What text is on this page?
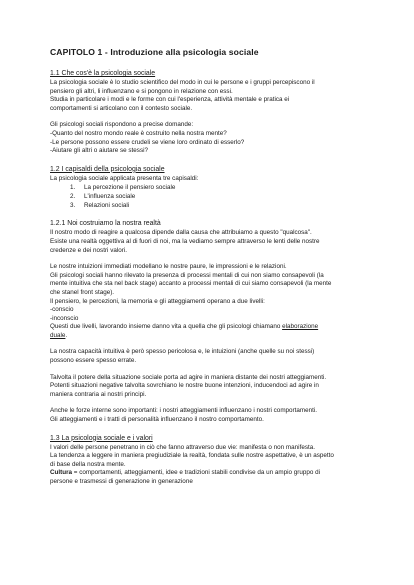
CAPITOLO 1 - Introduzione alla psicologia sociale

1.1 Che cos'è la psicologia sociale

La psicologia sociale è lo studio scientifico del modo in cui le persone e i gruppi percepiscono il

pensiero gli altri, li influenzano e si pongono in relazione con essi.

Studia in particolare i modi e le forme con cui l'esperienza, attività mentale e pratica ei

comportamenti si articolano con il contesto sociale.

Gli psicologi sociali rispondono a precise domande:

-Quanto del nostro mondo reale è costruito nella nostra mente?

-Le persone possono essere crudeli se viene loro ordinato di esserlo?

-Aiutare gli altri o aiutare se stessi?

1.2 I capisaldi della psicologia sociale

La psicologia sociale applicata presenta tre capisaldi:

1.	La percezione il pensiero sociale
2.	L'influenza sociale
3.	Relazioni sociali

1.2.1 Noi costruiamo la nostra realtà

Il nostro modo di reagire a qualcosa dipende dalla causa che attribuiamo a questo "qualcosa".

Esiste una realtà oggettiva al di fuori di noi, ma la vediamo sempre attraverso le lenti delle nostre

credenze e dei nostri valori.

Le nostre intuizioni immediati modellano le nostre paure, le impressioni e le relazioni.

Gli psicologi sociali hanno rilevato la presenza di processi mentali di cui non siamo consapevoli (la

mente intuitiva che sta nel back stage) accanto a processi mentali di cui siamo consapevoli (la mente

che stanel front stage).

Il pensiero, le percezioni, la memoria e gli atteggiamenti operano a due livelli:

-conscio

-inconscio

Questi due livelli, lavorando insieme danno vita a quella che gli psicologi chiamano elaborazione

duale.

La nostra capacità intuitiva è però spesso pericolosa e, le intuizioni (anche quelle su noi stessi)

possono essere spesso errate.

Talvolta il potere della situazione sociale porta ad agire in maniera distante dei nostri atteggiamenti.

Potenti situazioni negative talvolta sovrchiano le nostre buone intenzioni, inducendoci ad agire in

maniera contraria ai nostri principi.

Anche le forze interne sono importanti: i nostri atteggiamenti influenzano i nostri comportamenti.

Gli atteggiamenti e i tratti di personalità influenzano il nostro comportamento.

1.3 La psicologia sociale e i valori

I valori delle persone penetrano in ciò che fanno attraverso due vie: manifesta o non manifesta.

La tendenza a leggere in maniera pregiudiziale la realtà, fondata sulle nostre aspettative, è un aspetto

di base della nostra mente.

Cultura = comportamenti, atteggiamenti, idee e tradizioni stabili condivise da un ampio gruppo di

persone e trasmessi di generazione in generazione
